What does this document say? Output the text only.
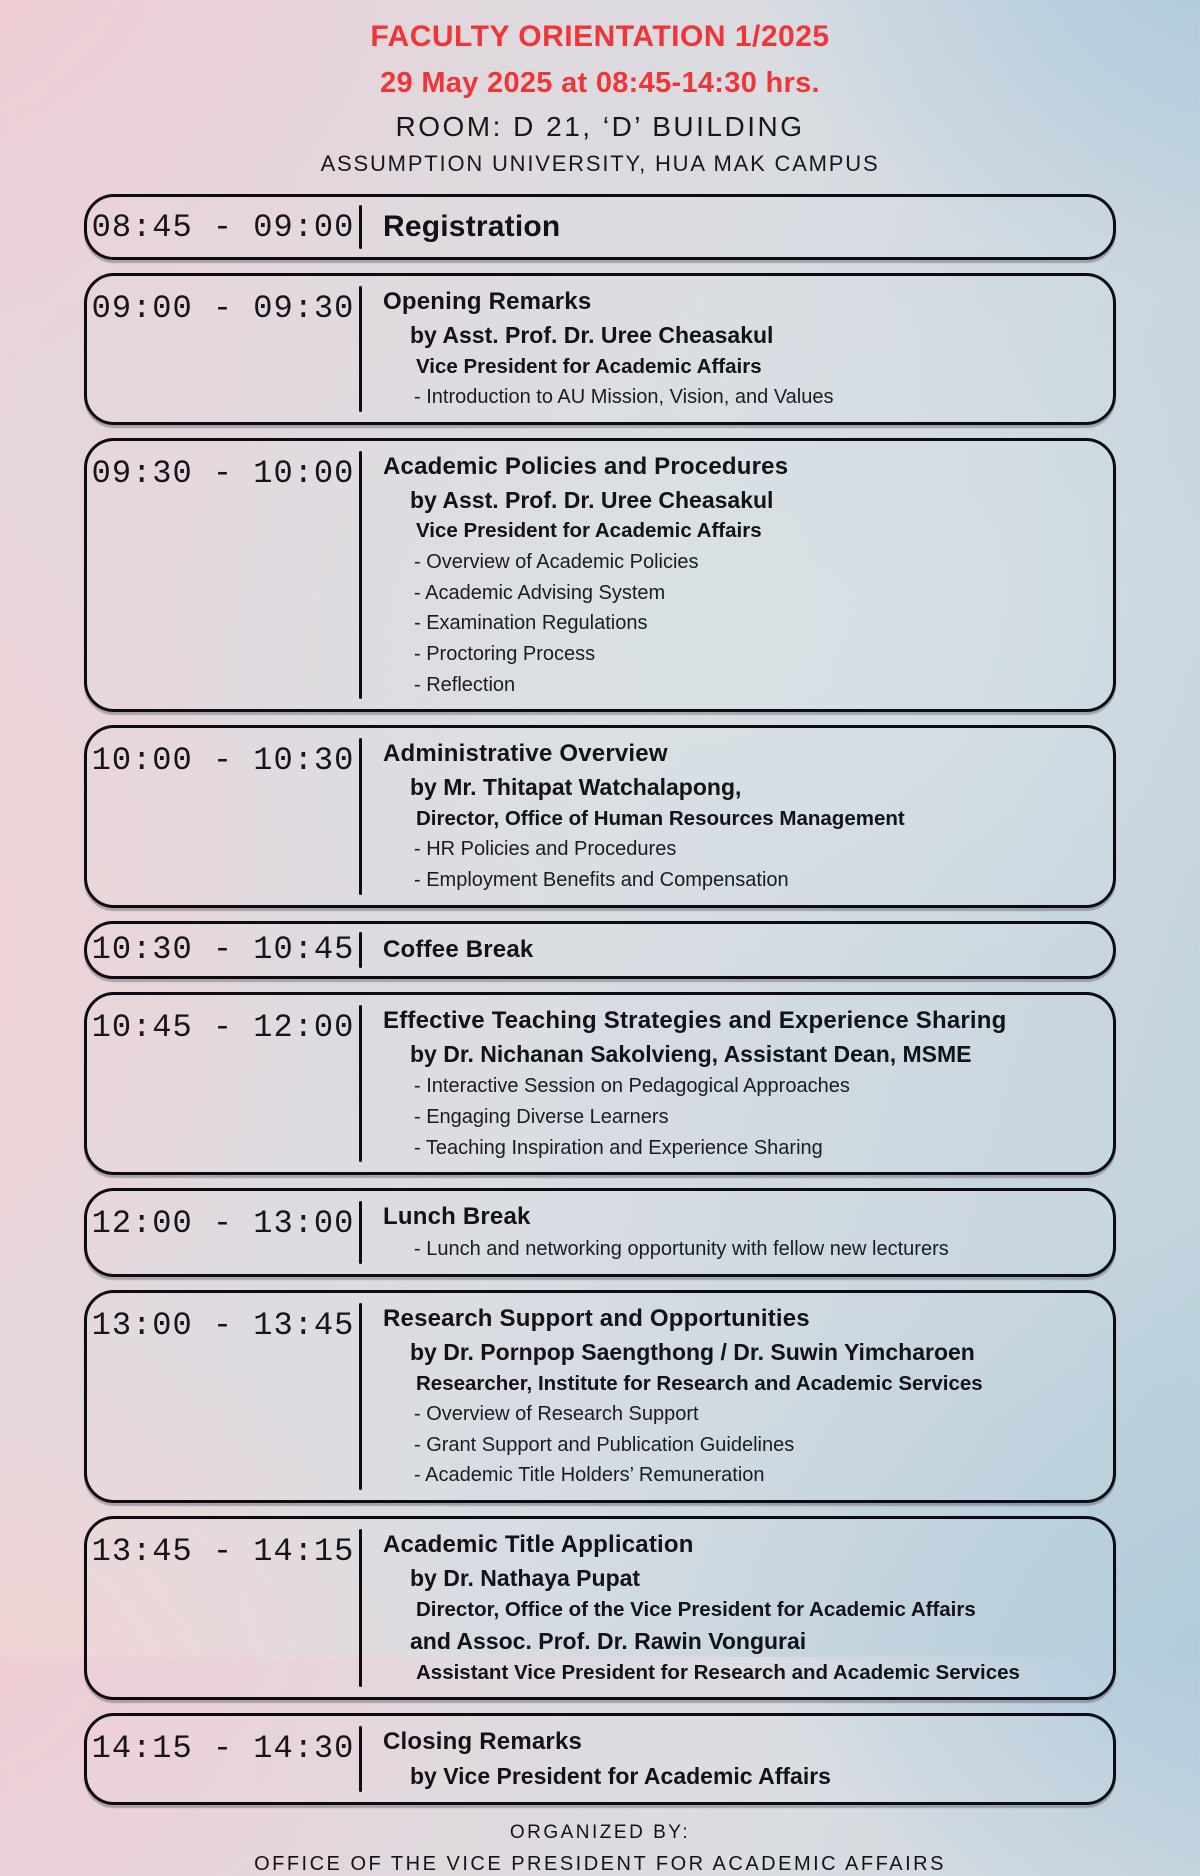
FACULTY ORIENTATION 1/2025
29 May 2025 at 08:45-14:30 hrs.
ROOM: D 21, ‘D’ BUILDING
ASSUMPTION UNIVERSITY, HUA MAK CAMPUS
08:45 - 09:00 Registration
09:00 - 09:30 Opening Remarks
by Asst. Prof. Dr. Uree Cheasakul
Vice President for Academic Affairs
- Introduction to AU Mission, Vision, and Values
09:30 - 10:00 Academic Policies and Procedures
by Asst. Prof. Dr. Uree Cheasakul
Vice President for Academic Affairs
- Overview of Academic Policies
- Academic Advising System
- Examination Regulations
- Proctoring Process
- Reflection
10:00 - 10:30 Administrative Overview
by Mr. Thitapat Watchalapong,
Director, Office of Human Resources Management
- HR Policies and Procedures
- Employment Benefits and Compensation
10:30 - 10:45 Coffee Break
10:45 - 12:00 Effective Teaching Strategies and Experience Sharing
by Dr. Nichanan Sakolvieng, Assistant Dean, MSME
- Interactive Session on Pedagogical Approaches
- Engaging Diverse Learners
- Teaching Inspiration and Experience Sharing
12:00 - 13:00 Lunch Break
- Lunch and networking opportunity with fellow new lecturers
13:00 - 13:45 Research Support and Opportunities
by Dr. Pornpop Saengthong / Dr. Suwin Yimcharoen
Researcher, Institute for Research and Academic Services
- Overview of Research Support
- Grant Support and Publication Guidelines
- Academic Title Holders’ Remuneration
13:45 - 14:15 Academic Title Application
by Dr. Nathaya Pupat
Director, Office of the Vice President for Academic Affairs
and Assoc. Prof. Dr. Rawin Vongurai
Assistant Vice President for Research and Academic Services
14:15 - 14:30 Closing Remarks
by Vice President for Academic Affairs
ORGANIZED BY:
OFFICE OF THE VICE PRESIDENT FOR ACADEMIC AFFAIRS
